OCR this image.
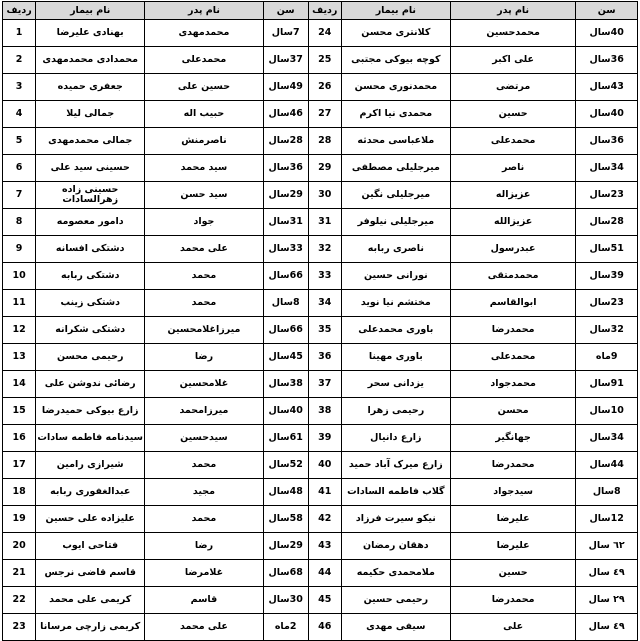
سن	نام پدر	نام بیمار	ردیف	سن	نام پدر	نام بیمار	ردیف
40سال	محمدحسین	کلانتری محسن	24	7سال	محمدمهدی	بهنادی علیرضا	1
36سال	علی اکبر	کوچه بیوکی مجتبی	25	37سال	محمدعلی	محمدادی محمدمهدی	2
43سال	مرتضی	محمدنوری محسن	26	49سال	حسین علی	جعفری حمیده	3
40سال	حسین	محمدی نیا اکرم	27	46سال	حبیب اله	جمالی لیلا	4
36سال	محمدعلی	ملاعباسی محدثه	28	28سال	ناصرمنش	جمالی محمدمهدی	5
34سال	ناصر	میرجلیلی مصطفی	29	36سال	سید محمد	حسینی سید علی	6
23سال	عزیزاله	میرجلیلی نگین	30	29سال	سید حسن	حسینی زاده زهرالسادات	7
28سال	عزیزالله	میرجلیلی نیلوفر	31	31سال	جواد	دامور معصومه	8
51سال	عبدرسول	ناصری ربابه	32	33سال	علی محمد	دشتکی افسانه	9
39سال	محمدمتقی	نورانی حسین	33	66سال	محمد	دشتکی ربابه	10
23سال	ابوالقاسم	مختشم نیا نوید	34	8سال	محمد	دشتکی زینب	11
32سال	محمدرضا	باوری محمدعلی	35	66سال	میرزاغلامحسین	دشتکی شکرانه	12
9ماه	محمدعلی	باوری مهینا	36	45سال	رضا	رحیمی محسن	13
91سال	محمدجواد	یزدانی سحر	37	38سال	غلامحسین	رضائی ندوشن علی	14
10سال	محسن	رحیمی زهرا	38	40سال	میرزامحمد	زارع بیوکی حمیدرضا	15
34سال	جهانگیر	زارع دانیال	39	61سال	سیدحسین	سیدنامه فاطمه سادات	16
44سال	محمدرضا	زارع میرک آباد حمید	40	52سال	محمد	شیرازی رامین	17
8سال	سیدجواد	گلاب فاطمه السادات	41	48سال	مجید	عبدالغفوری ربابه	18
12سال	علیرضا	نیکو سیرت فرزاد	42	58سال	محمد	علیزاده علی حسین	19
٦٢ سال	علیرضا	دهقان رمضان	43	29سال	رضا	فتاحی ایوب	20
٤٩ سال	حسین	ملامحمدی حکیمه	44	68سال	غلامرضا	قاسم قاضی نرجس	21
٢٩ سال	محمدرضا	رحیمی حسین	45	30سال	قاسم	کریمی علی محمد	22
٤٩ سال	علی	سیفی مهدی	46	2ماه	علی محمد	کریمی زارچی مرسانا	23
